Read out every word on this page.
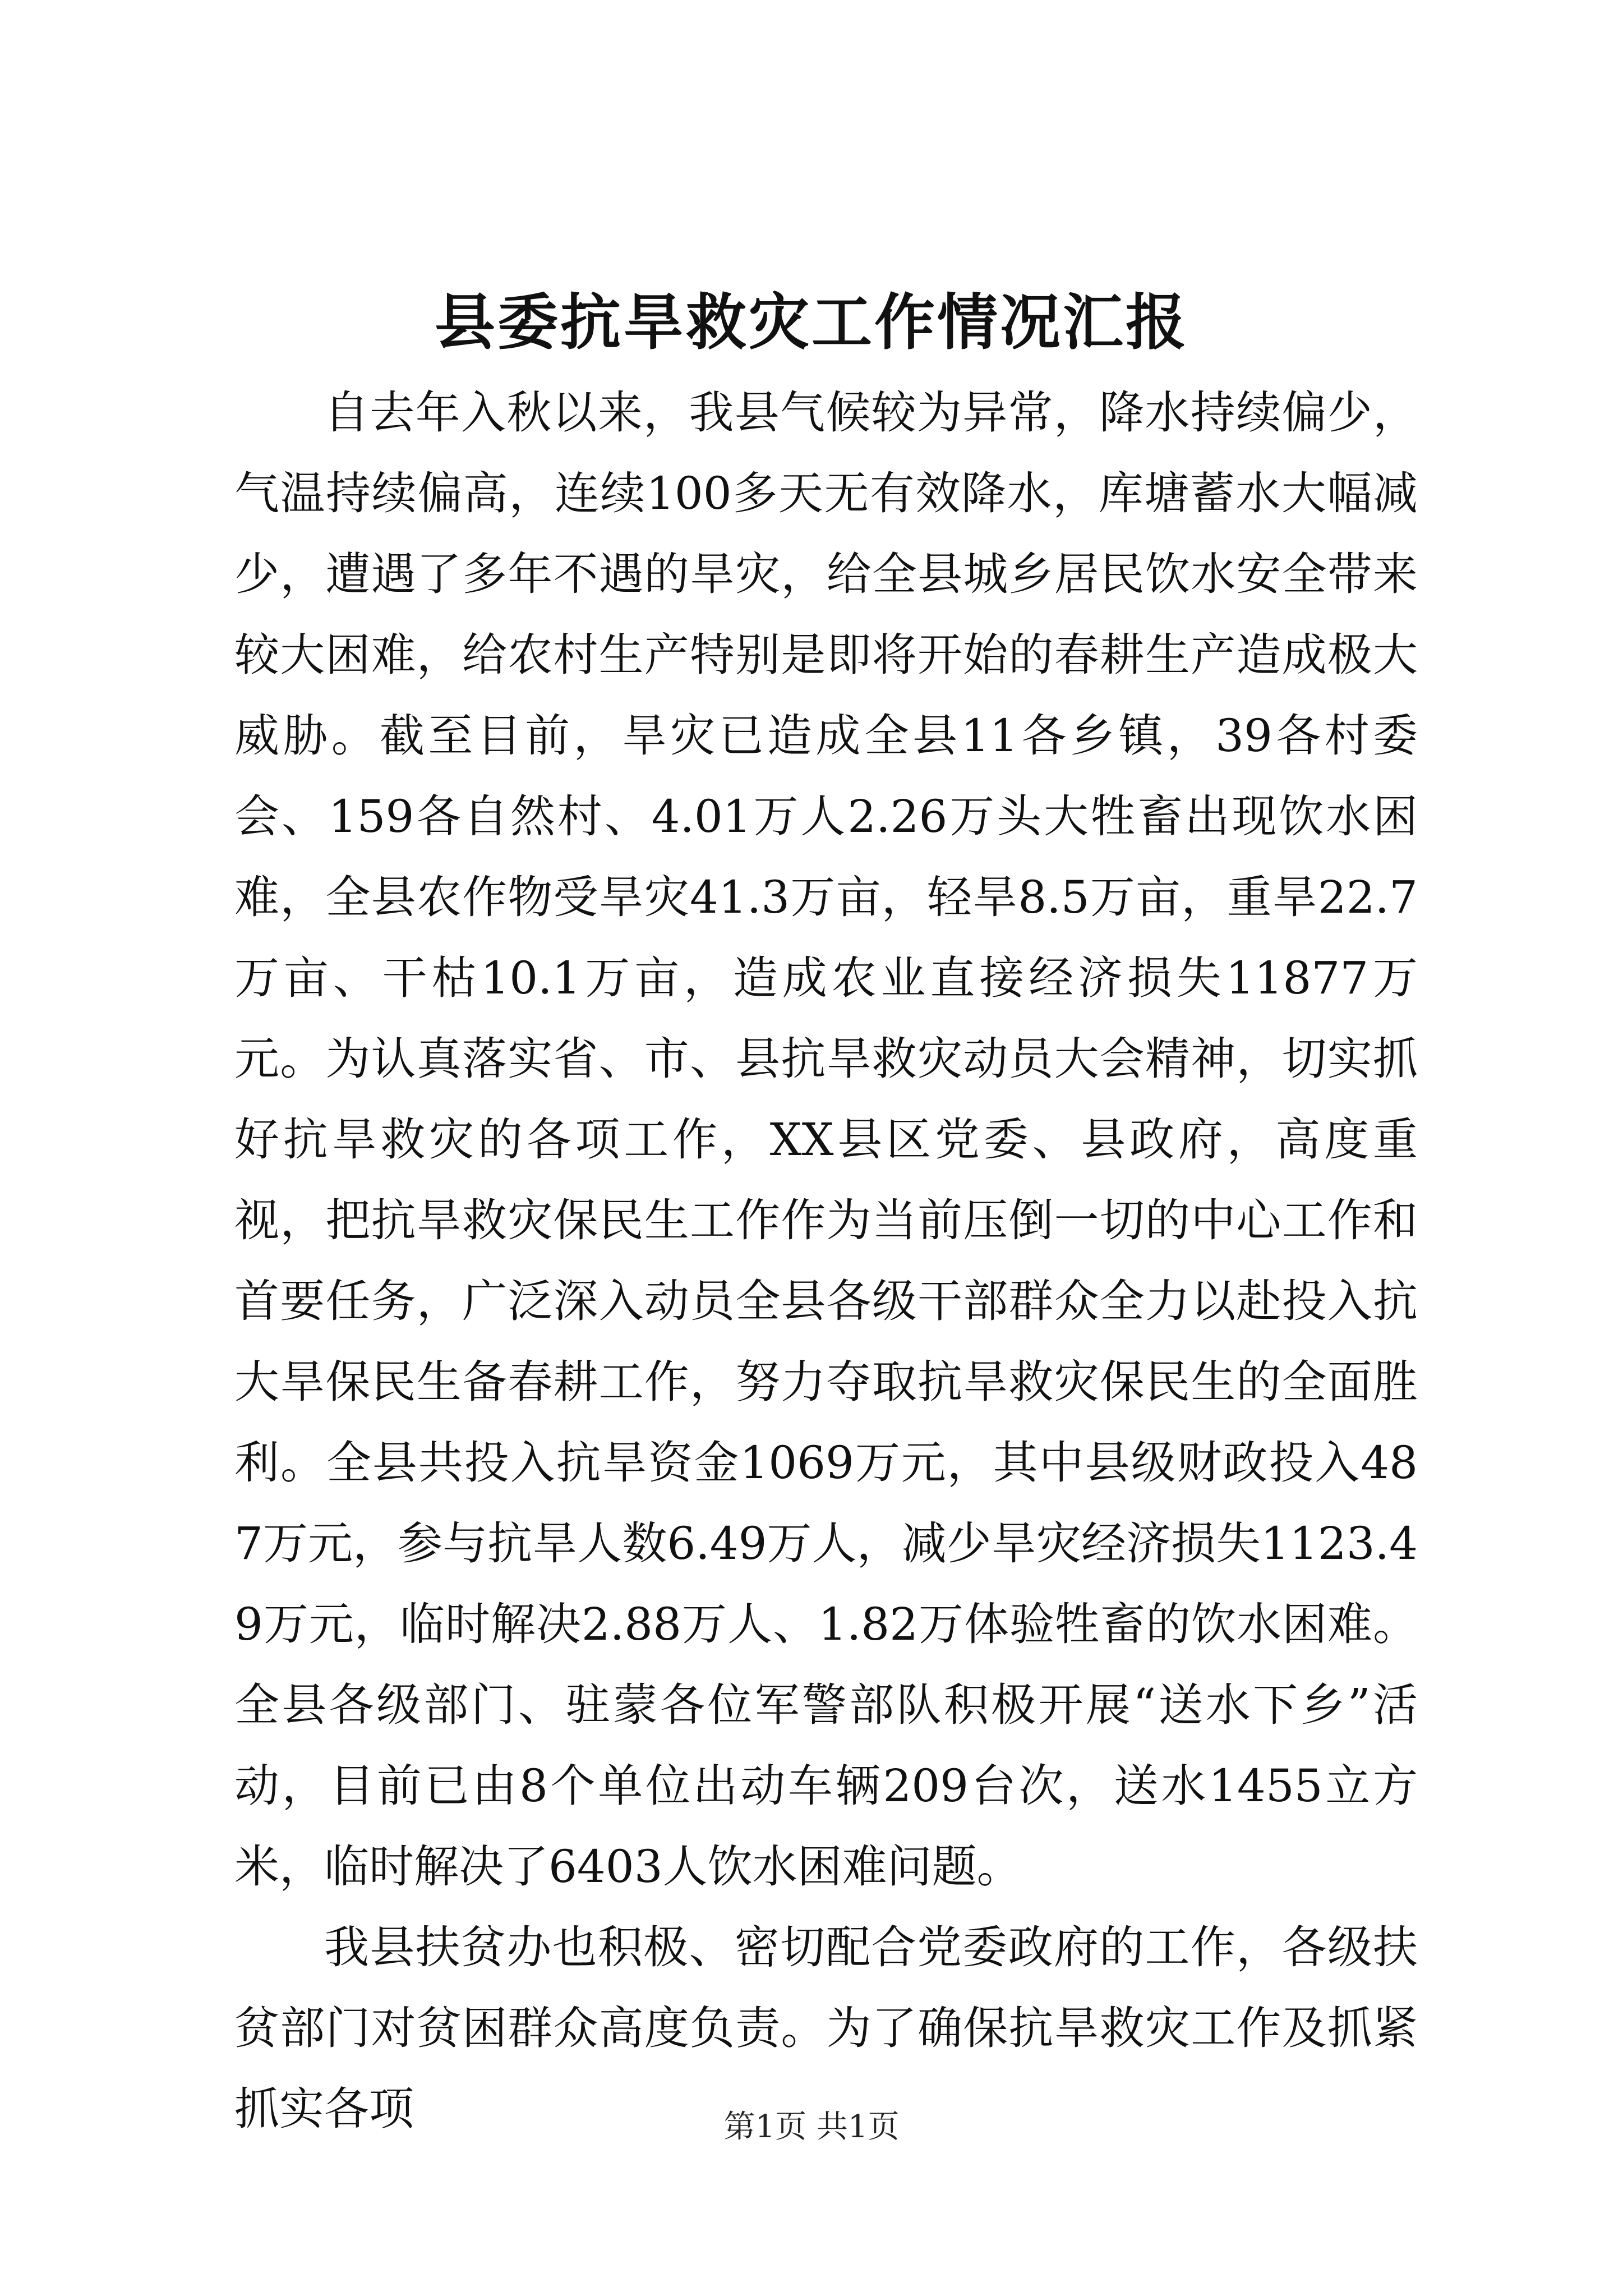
县委抗旱救灾工作情况汇报

自去年入秋以来，我县气候较为异常，降水持续偏少，气温持续偏高，连续100多天无有效降水，库塘蓄水大幅减少，遭遇了多年不遇的旱灾，给全县城乡居民饮水安全带来较大困难，给农村生产特别是即将开始的春耕生产造成极大威胁。截至目前，旱灾已造成全县11各乡镇，39各村委会、159各自然村、4.01万人2.26万头大牲畜出现饮水困难，全县农作物受旱灾41.3万亩，轻旱8.5万亩，重旱22.7万亩、干枯10.1万亩，造成农业直接经济损失11877万元。为认真落实省、市、县抗旱救灾动员大会精神，切实抓好抗旱救灾的各项工作，XX县区党委、县政府，高度重视，把抗旱救灾保民生工作作为当前压倒一切的中心工作和首要任务，广泛深入动员全县各级干部群众全力以赴投入抗大旱保民生备春耕工作，努力夺取抗旱救灾保民生的全面胜利。全县共投入抗旱资金1069万元，其中县级财政投入487万元，参与抗旱人数6.49万人，减少旱灾经济损失1123.49万元，临时解决2.88万人、1.82万体验牲畜的饮水困难。全县各级部门、驻蒙各位军警部队积极开展“送水下乡”活动，目前已由8个单位出动车辆209台次，送水1455立方米，临时解决了6403人饮水困难问题。

我县扶贫办也积极、密切配合党委政府的工作，各级扶贫部门对贫困群众高度负责。为了确保抗旱救灾工作及抓紧抓实各项	第1页 共1页
